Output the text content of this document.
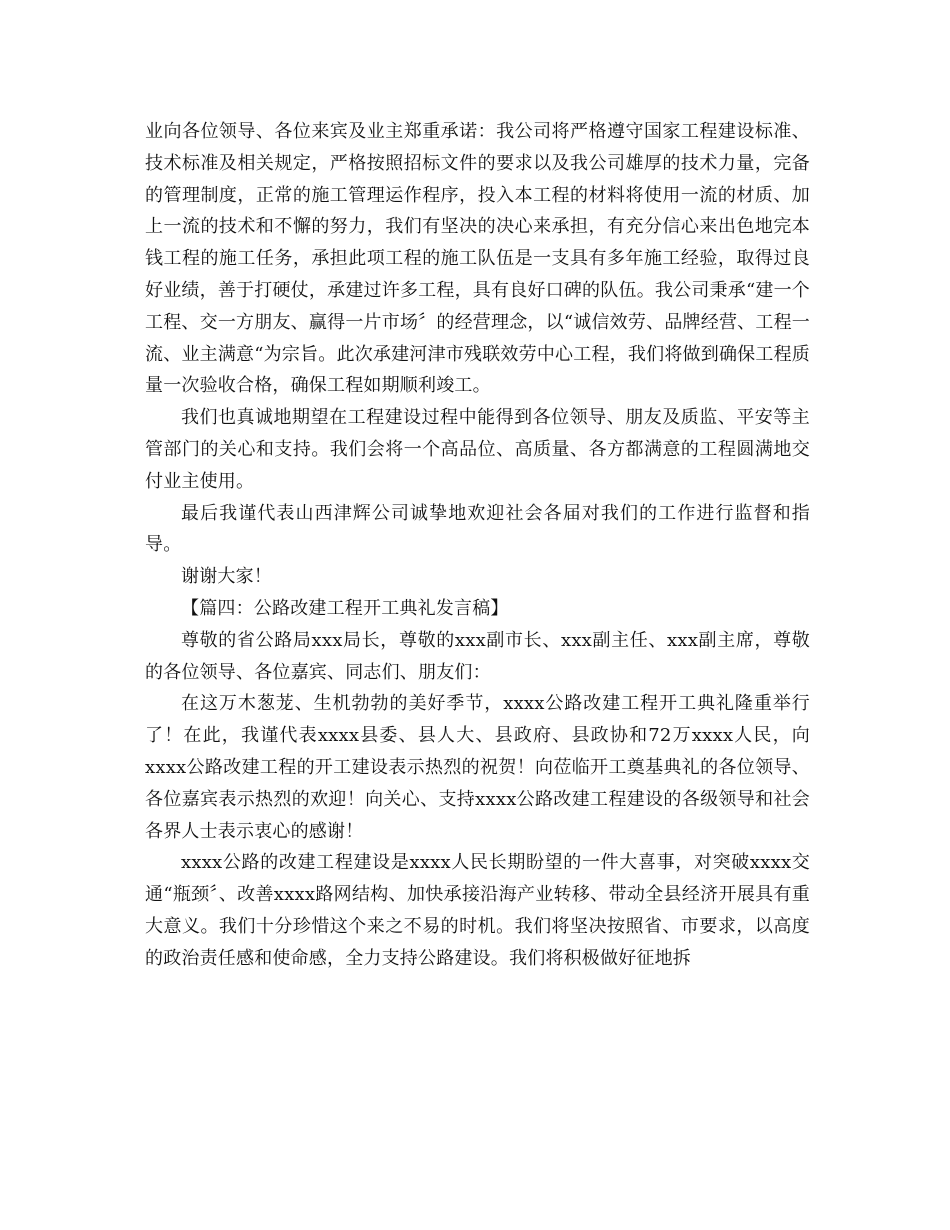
业向各位领导、各位来宾及业主郑重承诺：我公司将严格遵守国家工程建设标准、技术标准及相关规定，严格按照招标文件的要求以及我公司雄厚的技术力量，完备的管理制度，正常的施工管理运作程序，投入本工程的材料将使用一流的材质、加上一流的技术和不懈的努力，我们有坚决的决心来承担，有充分信心来出色地完本钱工程的施工任务，承担此项工程的施工队伍是一支具有多年施工经验，取得过良好业绩，善于打硬仗，承建过许多工程，具有良好口碑的队伍。我公司秉承“建一个工程、交一方朋友、赢得一片市场〞的经营理念，以“诚信效劳、品牌经营、工程一流、业主满意“为宗旨。此次承建河津市残联效劳中心工程，我们将做到确保工程质量一次验收合格，确保工程如期顺利竣工。

我们也真诚地期望在工程建设过程中能得到各位领导、朋友及质监、平安等主管部门的关心和支持。我们会将一个高品位、高质量、各方都满意的工程圆满地交付业主使用。

最后我谨代表山西津辉公司诚挚地欢迎社会各届对我们的工作进行监督和指导。

谢谢大家！

【篇四：公路改建工程开工典礼发言稿】

尊敬的省公路局xxx局长，尊敬的xxx副市长、xxx副主任、xxx副主席，尊敬的各位领导、各位嘉宾、同志们、朋友们：

在这万木葱茏、生机勃勃的美好季节，xxxx公路改建工程开工典礼隆重举行了！在此，我谨代表xxxx县委、县人大、县政府、县政协和72万xxxx人民，向xxxx公路改建工程的开工建设表示热烈的祝贺！向莅临开工奠基典礼的各位领导、各位嘉宾表示热烈的欢迎！向关心、支持xxxx公路改建工程建设的各级领导和社会各界人士表示衷心的感谢！

xxxx公路的改建工程建设是xxxx人民长期盼望的一件大喜事，对突破xxxx交通“瓶颈〞、改善xxxx路网结构、加快承接沿海产业转移、带动全县经济开展具有重大意义。我们十分珍惜这个来之不易的时机。我们将坚决按照省、市要求，以高度的政治责任感和使命感，全力支持公路建设。我们将积极做好征地拆
